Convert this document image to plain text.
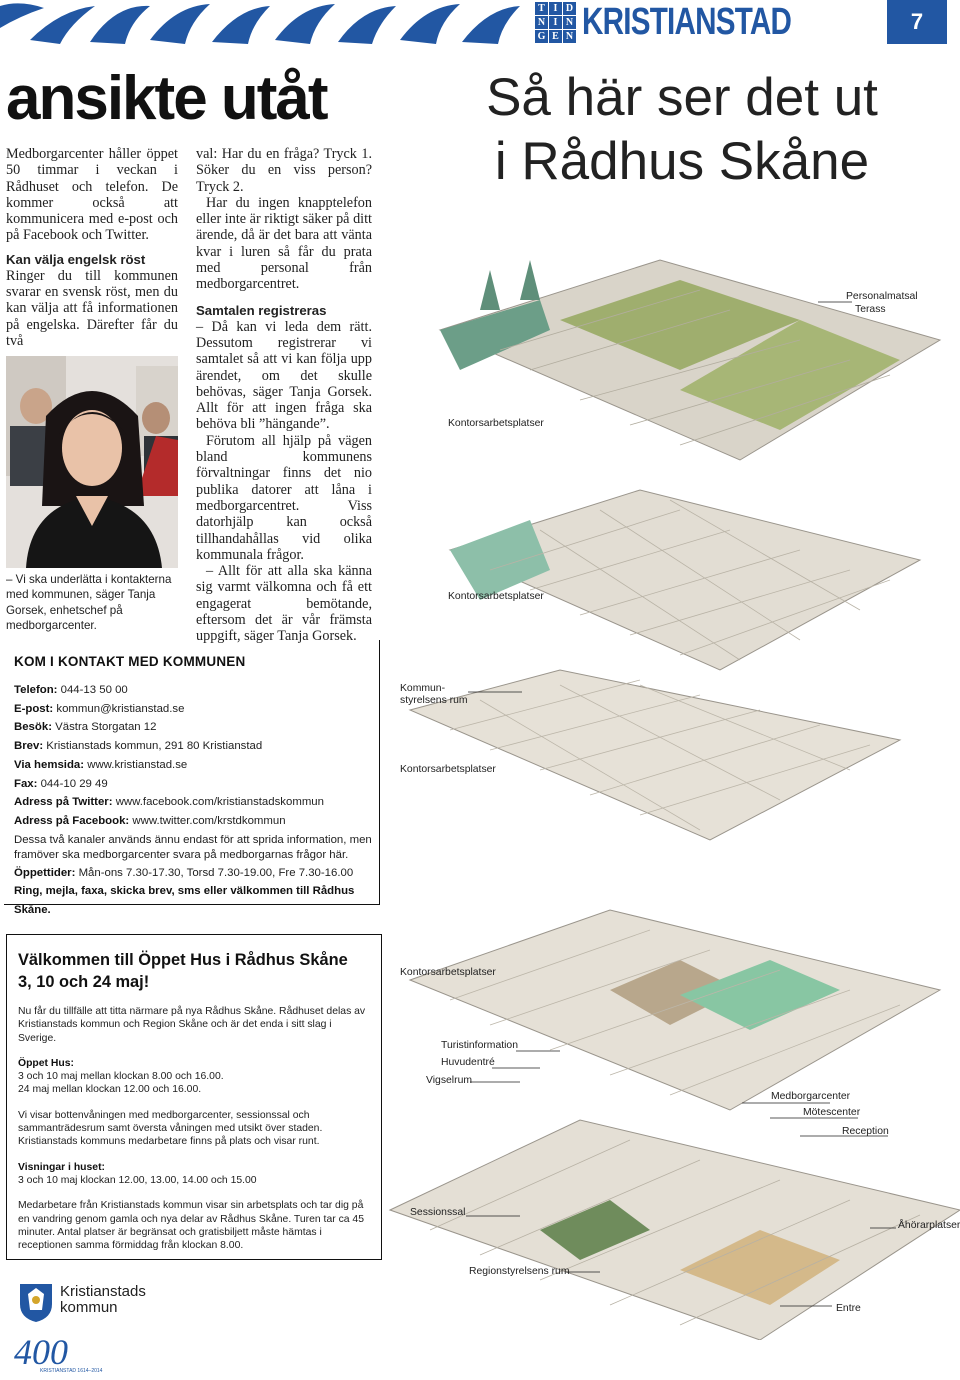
T I D
N I N
G E N KRISTIANSTAD	7
ansikte utåt

Medborgarcenter håller öppet 50 timmar i veckan i Rådhuset och telefon. De kommer också att kommunicera med e-post och på Facebook och Twitter.

Kan välja engelsk röst

Ringer du till kommunen svarar en svensk röst, men du kan välja att få informationen på engelska. Därefter får du två

– Vi ska underlätta i kontakterna med kommunen, säger Tanja Gorsek, enhetschef på medborgarcenter.

val: Har du en fråga? Tryck 1. Söker du en viss person? Tryck 2.

Har du ingen knapptelefon eller inte är riktigt säker på ditt ärende, då är det bara att vänta kvar i luren så får du prata med personal från medborgarcentret.

Samtalen registreras

– Då kan vi leda dem rätt. Dessutom registrerar vi samtalet så att vi kan följa upp ärendet, om det skulle behövas, säger Tanja Gorsek. Allt för att ingen fråga ska behöva bli ”hängande”.

Förutom all hjälp på vägen bland kommunens förvaltningar finns det nio publika datorer att låna i medborgarcentret. Viss datorhjälp kan också tillhandahållas vid olika kommunala frågor.

– Allt för att alla ska känna sig varmt välkomna och få ett engagerat bemötande, eftersom det är vår främsta uppgift, säger Tanja Gorsek.

KOM I KONTAKT MED KOMMUNEN
Telefon: 044-13 50 00
E-post: kommun@kristianstad.se
Besök: Västra Storgatan 12
Brev: Kristianstads kommun, 291 80 Kristianstad
Via hemsida: www.kristianstad.se
Fax: 044-10 29 49
Adress på Twitter: www.facebook.com/kristianstadskommun
Adress på Facebook: www.twitter.com/krstdkommun
Dessa två kanaler används ännu endast för att sprida information, men framöver ska medborgarcenter svara på medborgarnas frågor här.
Öppettider: Mån-ons 7.30-17.30, Torsd 7.30-19.00, Fre 7.30-16.00
Ring, mejla, faxa, skicka brev, sms eller välkommen till Rådhus Skåne.
Välkommen till Öppet Hus i Rådhus Skåne
3, 10 och 24 maj!

Nu får du tillfälle att titta närmare på nya Rådhus Skåne. Rådhuset delas av Kristianstads kommun och Region Skåne och är det enda i sitt slag i Sverige.

Öppet Hus:

3 och 10 maj mellan klockan 8.00 och 16.00.

24 maj mellan klockan 12.00 och 16.00.

Vi visar bottenvåningen med medborgarcenter, sessionssal och sammanträdesrum samt översta våningen med utsikt över staden. Kristianstads kommuns medarbetare finns på plats och visar runt.

Visningar i huset:

3 och 10 maj klockan 12.00, 13.00, 14.00 och 15.00

Medarbetare från Kristianstads kommun visar sin arbetsplats och tar dig på en vandring genom gamla och nya delar av Rådhus Skåne. Turen tar ca 45 minuter. Antal platser är begränsat och gratisbiljett måste hämtas i receptionen samma förmiddag från klockan 8.00.

Kristianstads
kommun
400
KRISTIANSTAD 1614–2014
Så här ser det ut
i Rådhus Skåne
Personalmatsal
Terass
Kontorsarbetsplatser
Kontorsarbetsplatser
Kommun-
styrelsens rum
Kontorsarbetsplatser
Kontorsarbetsplatser
Turistinformation
Huvudentré
Vigselrum
Medborgarcenter
Mötescenter
Reception
Sessionssal
Åhörarplatser
Regionstyrelsens rum
Entre
